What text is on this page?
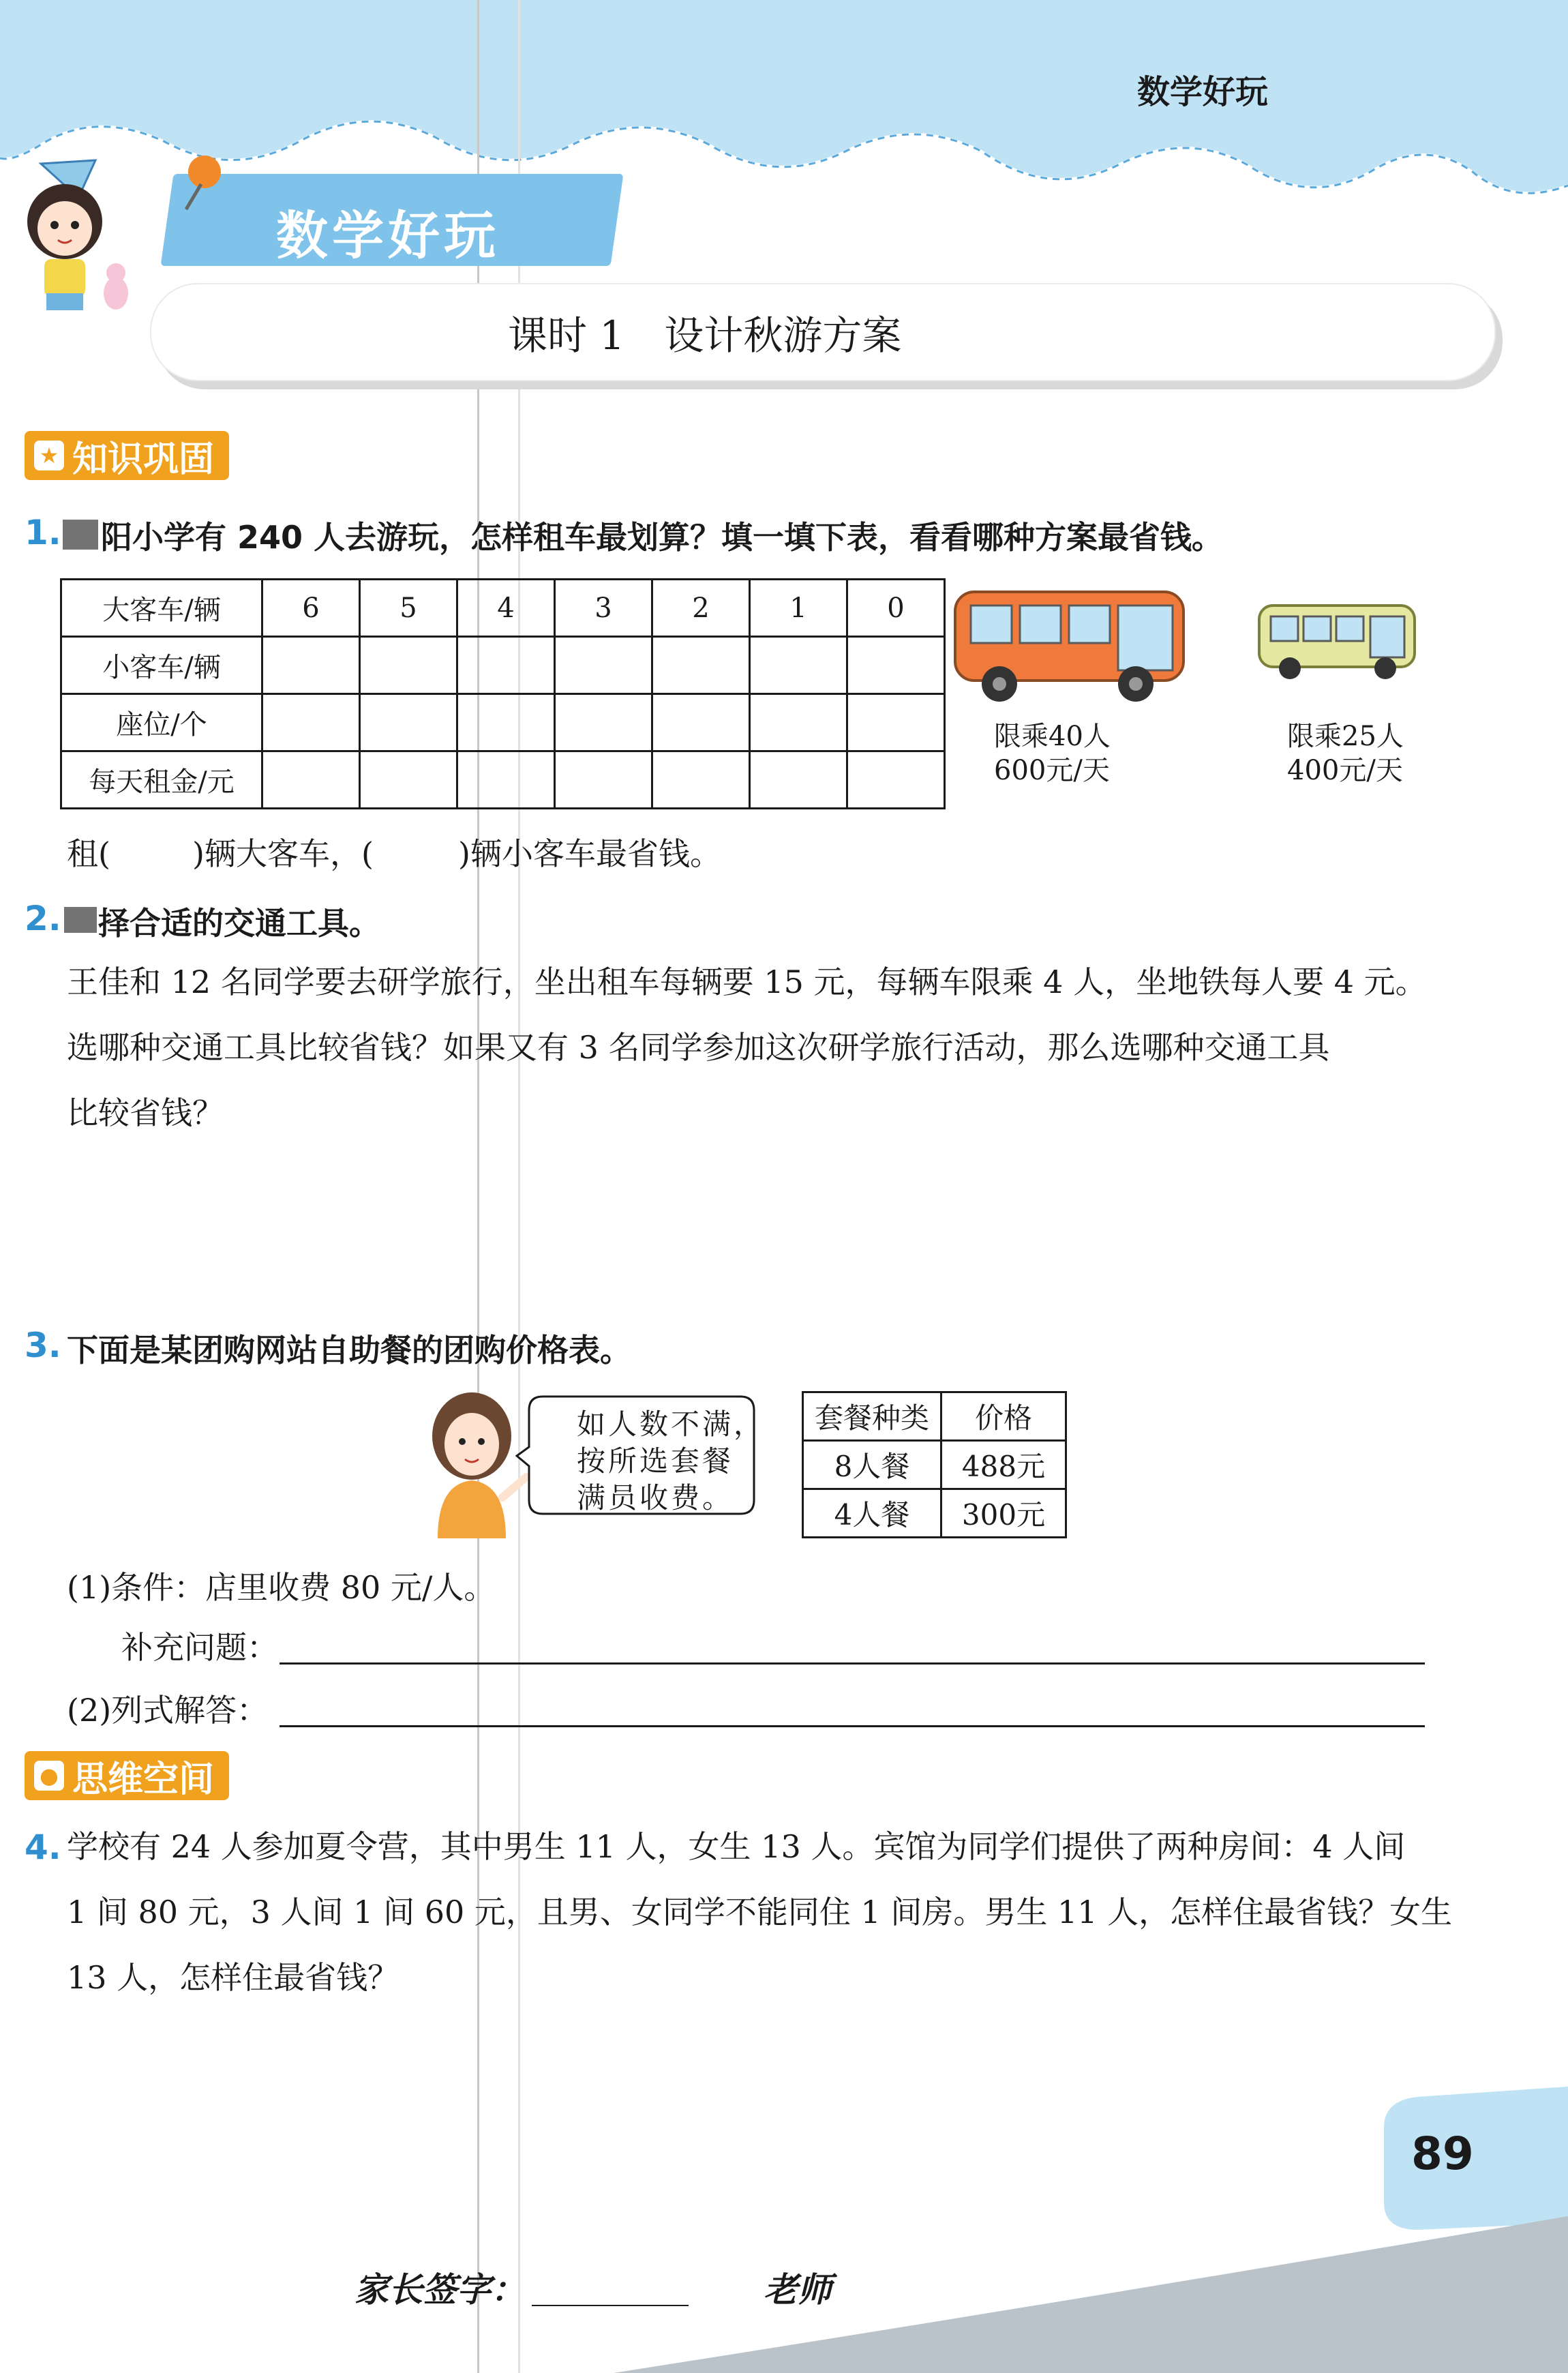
数学好玩
数学好玩
课时 1　设计秋游方案
★ 知识巩固
1. 阳小学有 240 人去游玩，怎样租车最划算？填一填下表，看看哪种方案最省钱。
大客车/辆	6	5	4	3	2	1	0
小客车/辆							
座位/个							
每天租金/元							
限乘40人
600元/天
限乘25人
400元/天
租(	)辆大客车，(	)辆小客车最省钱。
2. 择合适的交通工具。
王佳和 12 名同学要去研学旅行，坐出租车每辆要 15 元，每辆车限乘 4 人，坐地铁每人要 4 元。
选哪种交通工具比较省钱？如果又有 3 名同学参加这次研学旅行活动，那么选哪种交通工具
比较省钱？
3. 下面是某团购网站自助餐的团购价格表。
如人数不满，
按所选套餐
满员收费。
套餐种类	价格
8人餐	488元
4人餐	300元
(1)条件：店里收费 80 元/人。
补充问题：
(2)列式解答：
● 思维空间
4. 学校有 24 人参加夏令营，其中男生 11 人，女生 13 人。宾馆为同学们提供了两种房间：4 人间
1 间 80 元，3 人间 1 间 60 元，且男、女同学不能同住 1 间房。男生 11 人，怎样住最省钱？女生
13 人，怎样住最省钱？
89
家长签字：	老师
